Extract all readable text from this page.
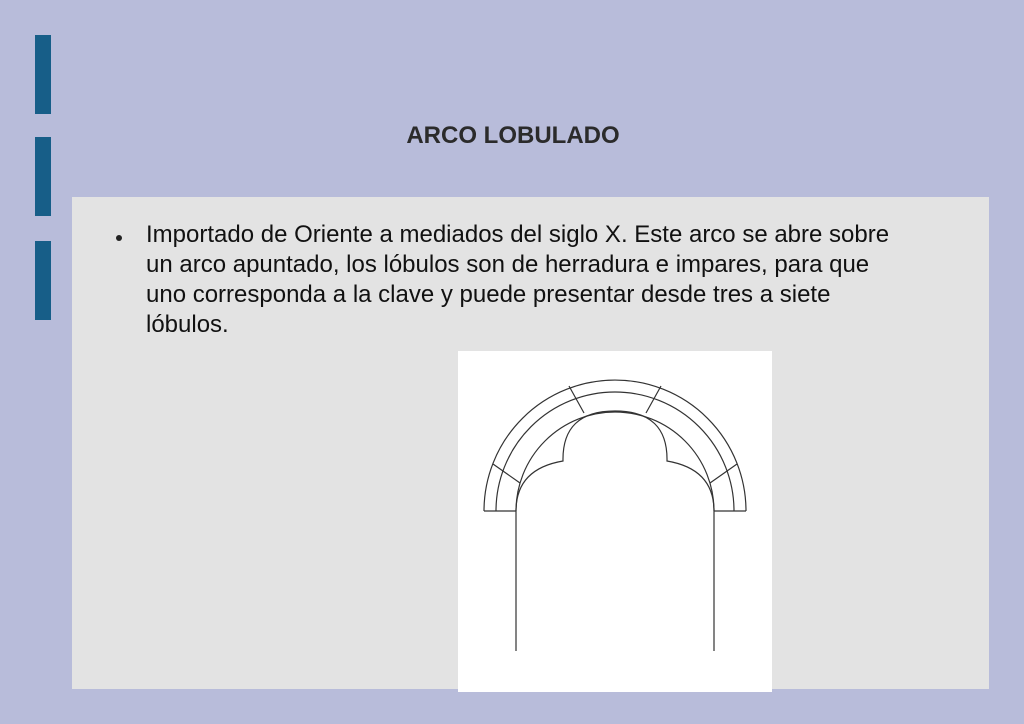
ARCO LOBULADO

Importado de Oriente a mediados del siglo X. Este arco se abre sobre un arco apuntado, los lóbulos son de herradura e impares, para que uno corresponda a la clave y puede presentar desde tres a siete lóbulos.
